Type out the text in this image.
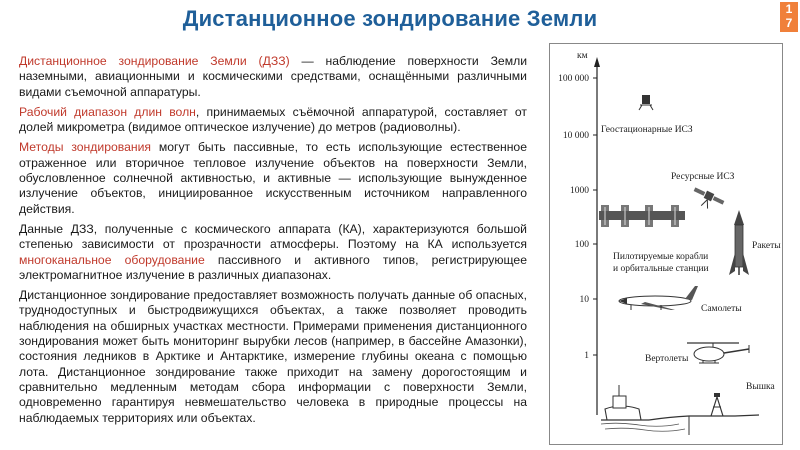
Дистанционное зондирование Земли	1
7

Дистанционное зондирование Земли (ДЗЗ) — наблюдение поверхности Земли наземными, авиационными и космическими средствами, оснащёнными различными видами съемочной аппаратуры.

Рабочий диапазон длин волн, принимаемых съёмочной аппаратурой, составляет от долей микрометра (видимое оптическое излучение) до метров (радиоволны).

Методы зондирования могут быть пассивные, то есть использующие естественное отраженное или вторичное тепловое излучение объектов на поверхности Земли, обусловленное солнечной активностью, и активные — использующие вынужденное излучение объектов, инициированное искусственным источником направленного действия.

Данные ДЗЗ, полученные с космического аппарата (КА), характеризуются большой степенью зависимости от прозрачности атмосферы. Поэтому на КА используется многоканальное оборудование пассивного и активного типов, регистрирующее электромагнитное излучение в различных диапазонах.

Дистанционное зондирование предоставляет возможность получать данные об опасных, труднодоступных и быстродвижущихся объектах, а также позволяет проводить наблюдения на обширных участках местности. Примерами применения дистанционного зондирования может быть мониторинг вырубки лесов (например, в бассейне Амазонки), состояния ледников в Арктике и Антарктике, измерение глубины океана с помощью лота. Дистанционное зондирование также приходит на замену дорогостоящим и сравнительно медленным методам сбора информации с поверхности Земли, одновременно гарантируя невмешательство человека в природные процессы на наблюдаемых территориях или объектах.

км
100 000
10 000
1000
100
10
1
Геостационарные ИСЗ
Ресурсные ИСЗ
Пилотируемые корабли
и орбитальные станции
Ракеты
Самолеты
Вертолеты
Вышка
